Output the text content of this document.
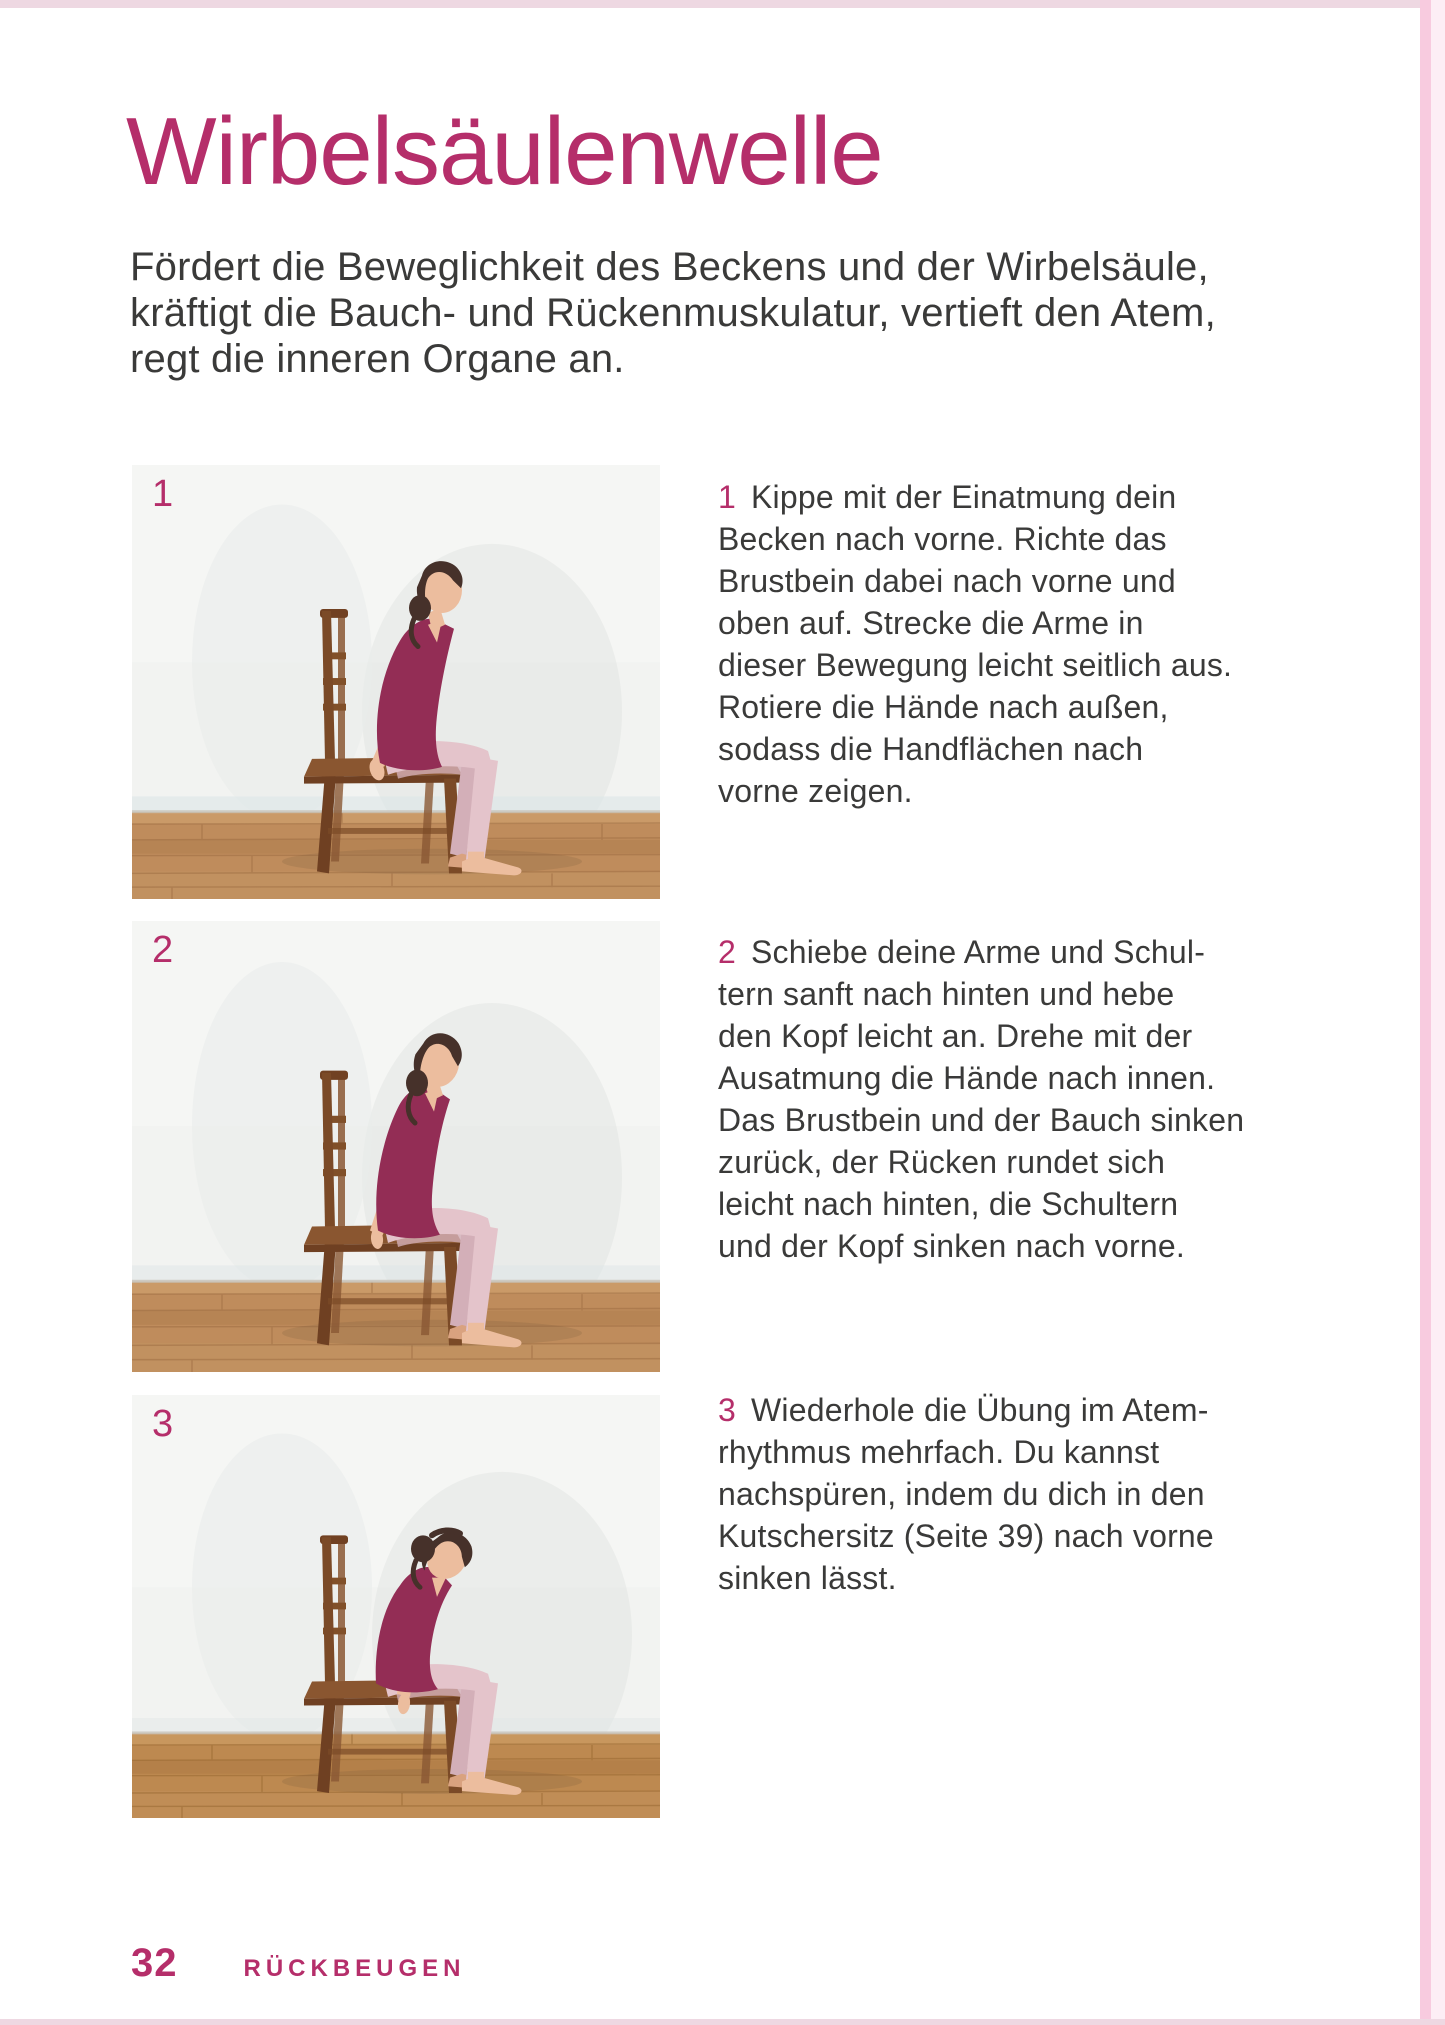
Wirbelsäulenwelle
Fördert die Beweglichkeit des Beckens und der Wirbelsäule,
kräftigt die Bauch- und Rückenmuskulatur, vertieft den Atem,
regt die inneren Organe an.
1
2
3
1 Kippe mit der Einatmung dein
Becken nach vorne. Richte das
Brustbein dabei nach vorne und
oben auf. Strecke die Arme in
dieser Bewegung leicht seitlich aus.
Rotiere die Hände nach außen,
sodass die Handflächen nach
vorne zeigen.
2 Schiebe deine Arme und Schul-
tern sanft nach hinten und hebe
den Kopf leicht an. Drehe mit der
Ausatmung die Hände nach innen.
Das Brustbein und der Bauch sinken
zurück, der Rücken rundet sich
leicht nach hinten, die Schultern
und der Kopf sinken nach vorne.
3 Wiederhole die Übung im Atem-
rhythmus mehrfach. Du kannst
nachspüren, indem du dich in den
Kutschersitz (Seite 39) nach vorne
sinken lässt.
32	RÜCKBEUGEN
